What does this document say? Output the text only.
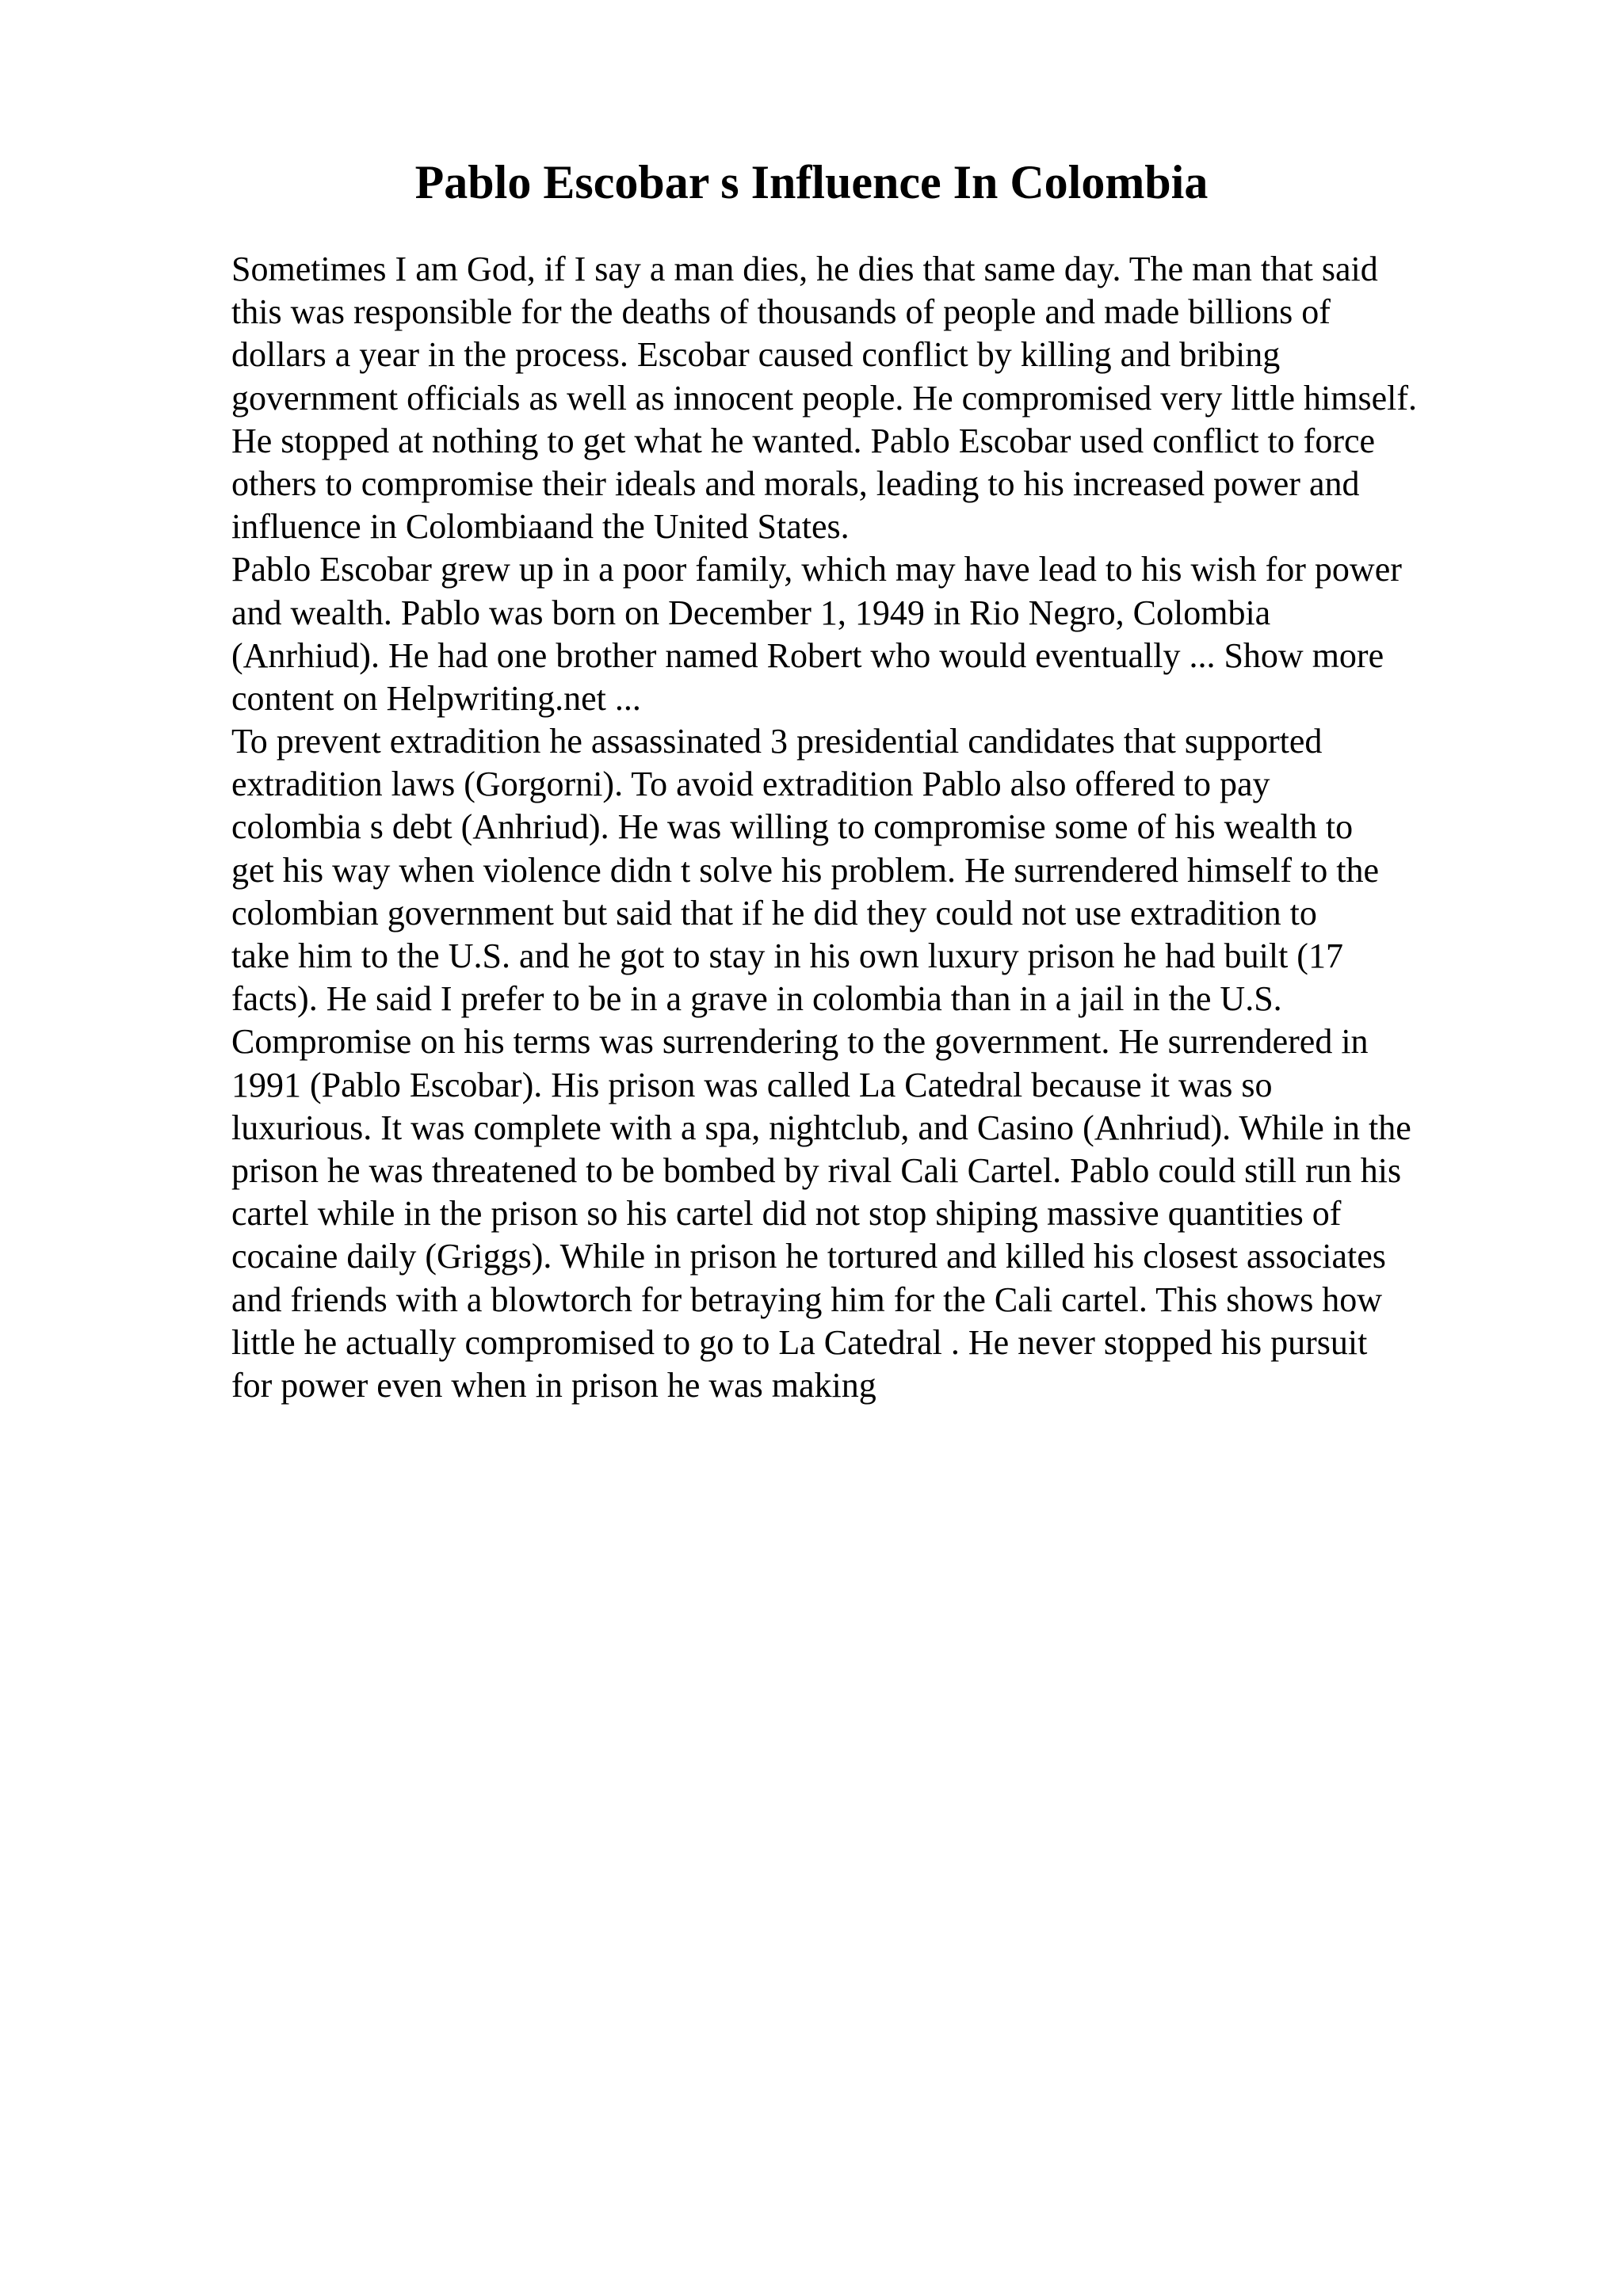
Pablo Escobar s Influence In Colombia
Sometimes I am God, if I say a man dies, he dies that same day. The man that said
this was responsible for the deaths of thousands of people and made billions of
dollars a year in the process. Escobar caused conflict by killing and bribing
government officials as well as innocent people. He compromised very little himself.
He stopped at nothing to get what he wanted. Pablo Escobar used conflict to force
others to compromise their ideals and morals, leading to his increased power and
influence in Colombiaand the United States.
Pablo Escobar grew up in a poor family, which may have lead to his wish for power
and wealth. Pablo was born on December 1, 1949 in Rio Negro, Colombia
(Anrhiud). He had one brother named Robert who would eventually ... Show more
content on Helpwriting.net ...
To prevent extradition he assassinated 3 presidential candidates that supported
extradition laws (Gorgorni). To avoid extradition Pablo also offered to pay
colombia s debt (Anhriud). He was willing to compromise some of his wealth to
get his way when violence didn t solve his problem. He surrendered himself to the
colombian government but said that if he did they could not use extradition to
take him to the U.S. and he got to stay in his own luxury prison he had built (17
facts). He said I prefer to be in a grave in colombia than in a jail in the U.S.
Compromise on his terms was surrendering to the government. He surrendered in
1991 (Pablo Escobar). His prison was called La Catedral because it was so
luxurious. It was complete with a spa, nightclub, and Casino (Anhriud). While in the
prison he was threatened to be bombed by rival Cali Cartel. Pablo could still run his
cartel while in the prison so his cartel did not stop shiping massive quantities of
cocaine daily (Griggs). While in prison he tortured and killed his closest associates
and friends with a blowtorch for betraying him for the Cali cartel. This shows how
little he actually compromised to go to La Catedral . He never stopped his pursuit
for power even when in prison he was making
